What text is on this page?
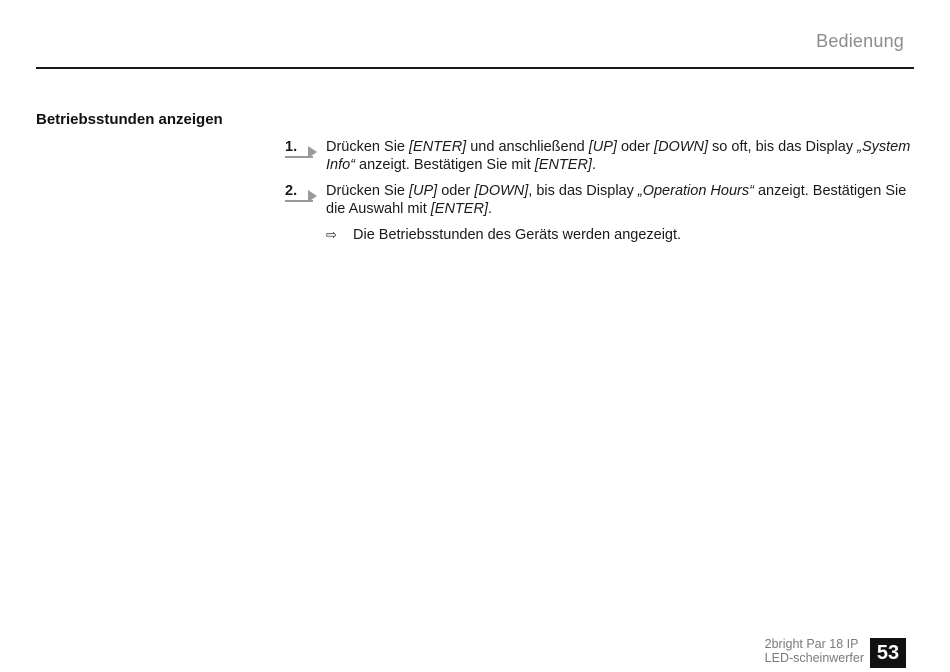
Bedienung
Betriebsstunden anzeigen
1.	Drücken Sie [ENTER] und anschließend [UP] oder [DOWN] so oft, bis das Display „System Info“ anzeigt. Bestätigen Sie mit [ENTER].
2.	Drücken Sie [UP] oder [DOWN], bis das Display „Operation Hours“ anzeigt. Bestätigen Sie die Auswahl mit [ENTER].
⇨ Die Betriebsstunden des Geräts werden angezeigt.
2bright Par 18 IP
LED-scheinwerfer 53
